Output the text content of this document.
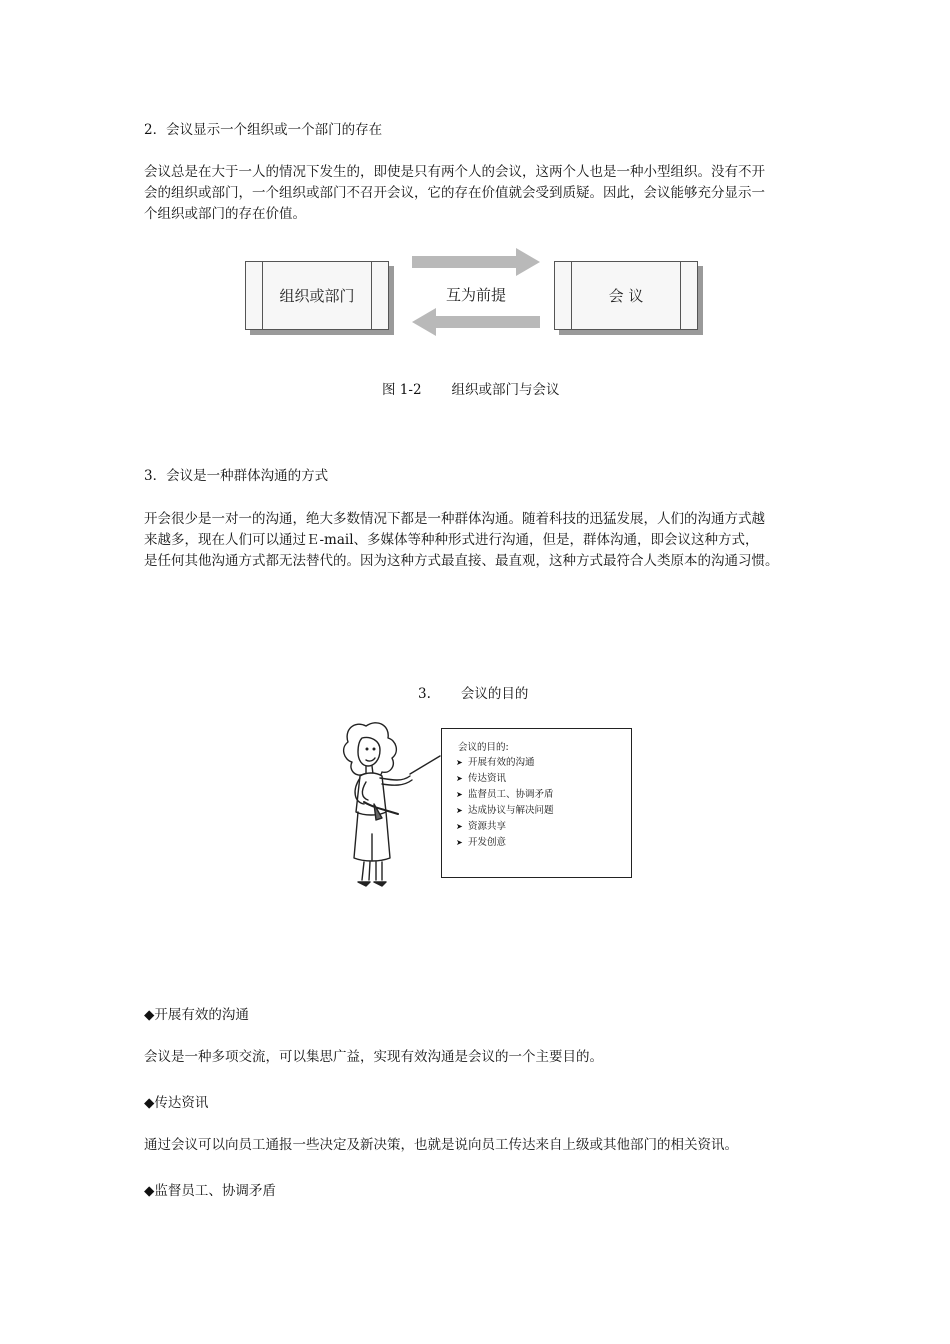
2．会议显示一个组织或一个部门的存在
会议总是在大于一人的情况下发生的，即使是只有两个人的会议，这两个人也是一种小型组织。没有不开
会的组织或部门，一个组织或部门不召开会议，它的存在价值就会受到质疑。因此，会议能够充分显示一
个组织或部门的存在价值。
组织或部门	会 议
互为前提
图 1-2 组织或部门与会议
3．会议是一种群体沟通的方式
开会很少是一对一的沟通，绝大多数情况下都是一种群体沟通。随着科技的迅猛发展，人们的沟通方式越
来越多，现在人们可以通过Ｅ-mail、多媒体等种种形式进行沟通，但是，群体沟通，即会议这种方式，
是任何其他沟通方式都无法替代的。因为这种方式最直接、最直观，这种方式最符合人类原本的沟通习惯。
3. 会议的目的
会议的目的:
➤ 开展有效的沟通
➤ 传达资讯
➤ 监督员工、协调矛盾
➤ 达成协议与解决问题
➤ 资源共享
➤ 开发创意
◆开展有效的沟通
会议是一种多项交流，可以集思广益，实现有效沟通是会议的一个主要目的。
◆传达资讯
通过会议可以向员工通报一些决定及新决策，也就是说向员工传达来自上级或其他部门的相关资讯。
◆监督员工、协调矛盾
